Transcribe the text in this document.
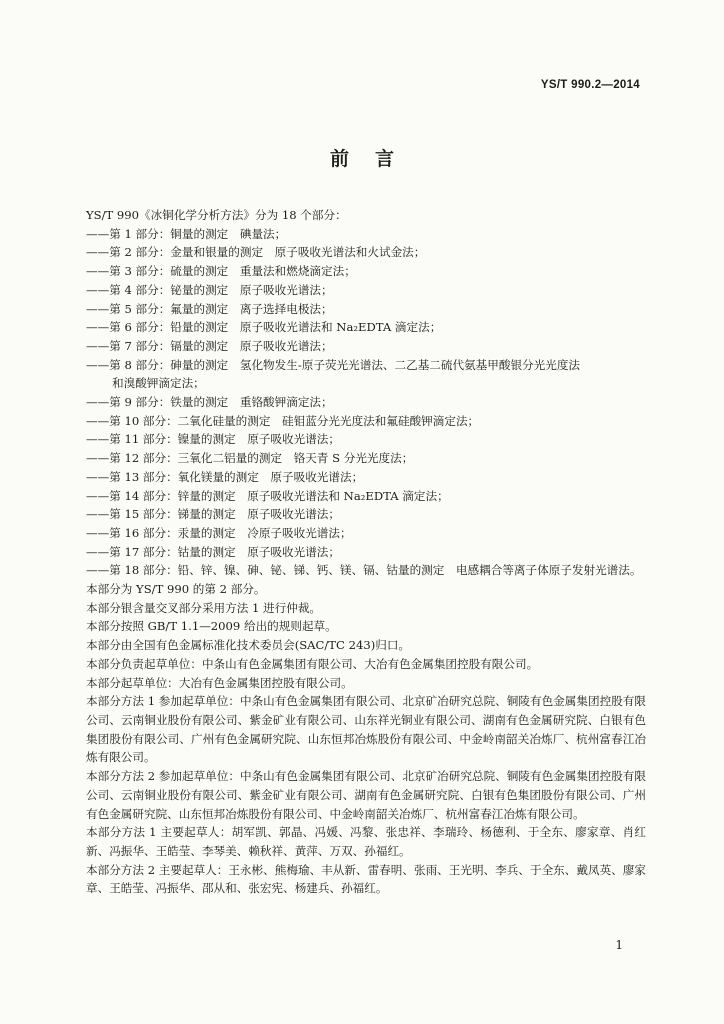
YS/T 990.2—2014
前言

YS/T 990《冰铜化学分析方法》分为 18 个部分：

——第 1 部分：铜量的测定　碘量法；
——第 2 部分：金量和银量的测定　原子吸收光谱法和火试金法；
——第 3 部分：硫量的测定　重量法和燃烧滴定法；
——第 4 部分：铋量的测定　原子吸收光谱法；
——第 5 部分：氟量的测定　离子选择电极法；
——第 6 部分：铅量的测定　原子吸收光谱法和 Na₂EDTA 滴定法；
——第 7 部分：镉量的测定　原子吸收光谱法；
——第 8 部分：砷量的测定　氢化物发生-原子荧光光谱法、二乙基二硫代氨基甲酸银分光光度法
和溴酸钾滴定法；
——第 9 部分：铁量的测定　重铬酸钾滴定法；
——第 10 部分：二氧化硅量的测定　硅钼蓝分光光度法和氟硅酸钾滴定法；
——第 11 部分：镍量的测定　原子吸收光谱法；
——第 12 部分：三氧化二铝量的测定　铬天青 S 分光光度法；
——第 13 部分：氧化镁量的测定　原子吸收光谱法；
——第 14 部分：锌量的测定　原子吸收光谱法和 Na₂EDTA 滴定法；
——第 15 部分：锑量的测定　原子吸收光谱法；
——第 16 部分：汞量的测定　冷原子吸收光谱法；
——第 17 部分：钴量的测定　原子吸收光谱法；
——第 18 部分：铅、锌、镍、砷、铋、锑、钙、镁、镉、钴量的测定　电感耦合等离子体原子发射光谱法。

本部分为 YS/T 990 的第 2 部分。

本部分银含量交叉部分采用方法 1 进行仲裁。

本部分按照 GB/T 1.1—2009 给出的规则起草。

本部分由全国有色金属标准化技术委员会(SAC/TC 243)归口。

本部分负责起草单位：中条山有色金属集团有限公司、大冶有色金属集团控股有限公司。

本部分起草单位：大冶有色金属集团控股有限公司。

本部分方法 1 参加起草单位：中条山有色金属集团有限公司、北京矿冶研究总院、铜陵有色金属集团控股有限公司、云南铜业股份有限公司、紫金矿业有限公司、山东祥光铜业有限公司、湖南有色金属研究院、白银有色集团股份有限公司、广州有色金属研究院、山东恒邦冶炼股份有限公司、中金岭南韶关冶炼厂、杭州富春江冶炼有限公司。

本部分方法 2 参加起草单位：中条山有色金属集团有限公司、北京矿冶研究总院、铜陵有色金属集团控股有限公司、云南铜业股份有限公司、紫金矿业有限公司、湖南有色金属研究院、白银有色集团股份有限公司、广州有色金属研究院、山东恒邦冶炼股份有限公司、中金岭南韶关冶炼厂、杭州富春江冶炼有限公司。

本部分方法 1 主要起草人：胡军凯、郭晶、冯媛、冯黎、张忠祥、李瑞玲、杨德利、于全东、廖家章、肖红新、冯振华、王皓莹、李琴美、赖秋祥、黄萍、万双、孙福红。

本部分方法 2 主要起草人：王永彬、熊梅瑜、丰从新、雷春明、张雨、王光明、李兵、于全东、戴凤英、廖家章、王皓莹、冯振华、邵从和、张宏宪、杨建兵、孙福红。

1
